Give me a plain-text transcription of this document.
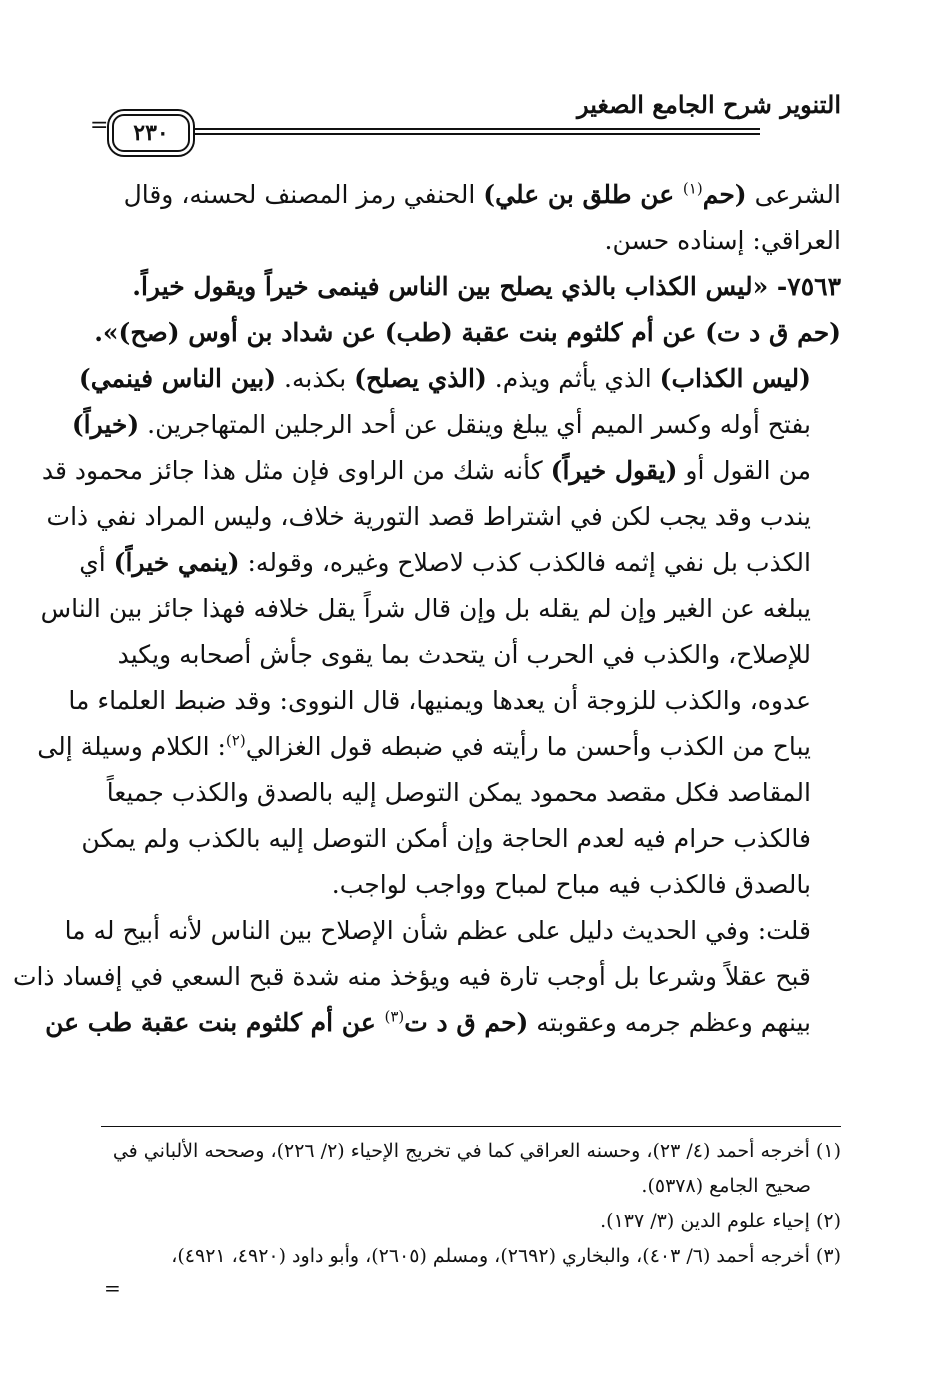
التنوير شرح الجامع الصغير
=	٢٣٠

الشرعى (حم$^{(١)}$ عن طلق بن علي) الحنفي رمز المصنف لحسنه، وقال
العراقي: إسناده حسن.

٧٥٦٣- «ليس الكذاب بالذي يصلح بين الناس فينمى خيراً ويقول خيراً.
(حم ق د ت) عن أم كلثوم بنت عقبة (طب) عن شداد بن أوس (صح)».

(ليس الكذاب) الذي يأثم ويذم. (الذي يصلح) بكذبه. (بين الناس فينمي)
بفتح أوله وكسر الميم أي يبلغ وينقل عن أحد الرجلين المتهاجرين. (خيراً)
من القول أو (يقول خيراً) كأنه شك من الراوى فإن مثل هذا جائز محمود قد
يندب وقد يجب لكن في اشتراط قصد التورية خلاف، وليس المراد نفي ذات
الكذب بل نفي إثمه فالكذب كذب لاصلاح وغيره، وقوله: (ينمي خيراً) أي
يبلغه عن الغير وإن لم يقله بل وإن قال شراً يقل خلافه فهذا جائز بين الناس
للإصلاح، والكذب في الحرب أن يتحدث بما يقوى جأش أصحابه ويكيد
عدوه، والكذب للزوجة أن يعدها ويمنيها، قال النووى: وقد ضبط العلماء ما
يباح من الكذب وأحسن ما رأيته في ضبطه قول الغزالي$^{(٢)}$: الكلام وسيلة إلى
المقاصد فكل مقصد محمود يمكن التوصل إليه بالصدق والكذب جميعاً
فالكذب حرام فيه لعدم الحاجة وإن أمكن التوصل إليه بالكذب ولم يمكن
بالصدق فالكذب فيه مباح لمباح وواجب لواجب.

قلت: وفي الحديث دليل على عظم شأن الإصلاح بين الناس لأنه أبيح له ما
قبح عقلاً وشرعا بل أوجب تارة فيه ويؤخذ منه شدة قبح السعي في إفساد ذات
بينهم وعظم جرمه وعقوبته (حم ق د ت$^{(٣)}$ عن أم كلثوم بنت عقبة طب عن

(١) أخرجه أحمد (٤/ ٢٣)، وحسنه العراقي كما في تخريج الإحياء (٢/ ٢٢٦)، وصححه الألباني في

صحيح الجامع (٥٣٧٨).

(٢) إحياء علوم الدين (٣/ ١٣٧).

(٣) أخرجه أحمد (٦/ ٤٠٣)، والبخاري (٢٦٩٢)، ومسلم (٢٦٠٥)، وأبو داود (٤٩٢٠، ٤٩٢١)،

=
